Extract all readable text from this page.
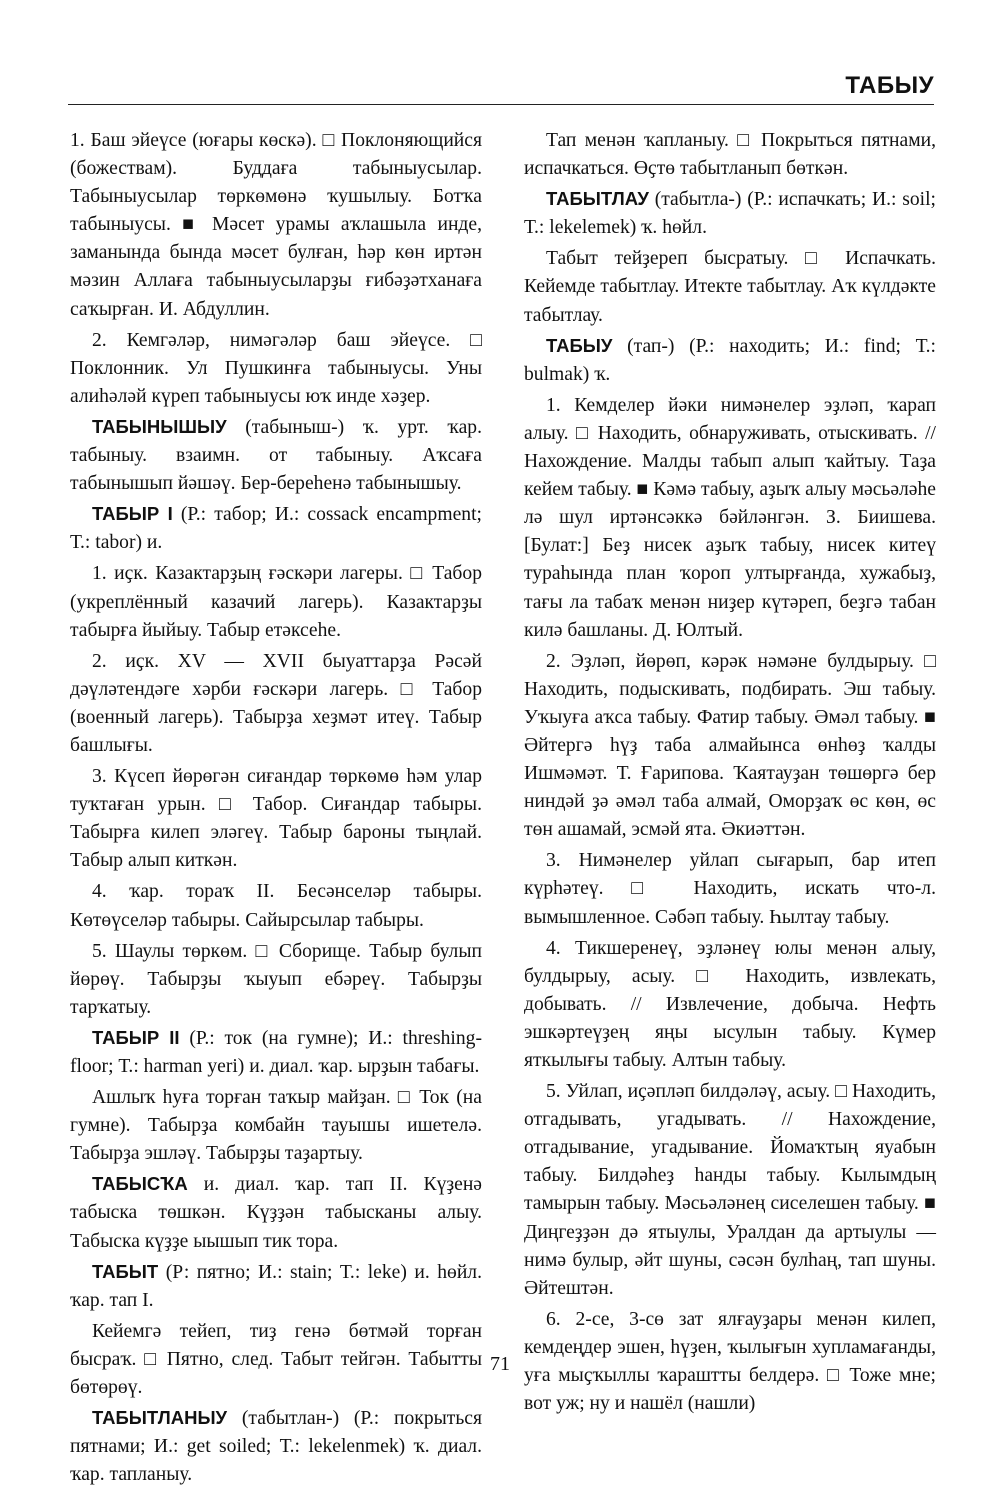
ТАБЫУ

1. Баш эйеүсе (юғары көскә). □ Поклоняющийся (божествам). Буддаға табыныусылар. Табыныусылар төркөмөнә ҡушылыу. Ботҡа табыныусы. ■ Мәсет урамы аҡлашыла инде, заманында бында мәсет булған, һәр көн иртән мәзин Аллаға табыныусыларҙы ғибәҙәтханаға саҡырған. И. Абдуллин.

2. Кемгәләр, нимәгәләр баш эйеүсе. □ Поклонник. Ул Пушкинға табыныусы. Уны алиһәләй күреп табыныусы юҡ инде хәҙер.

ТАБЫНЫШЫУ (табыныш-) ҡ. урт. ҡар. табыныу. взаимн. от табыныу. Аҡсаға табынышып йәшәү. Бер-береһенә табынышыу.

ТАБЫР I (Р.: табор; И.: cossack encampment; Т.: tabor) и.

1. иҫк. Казактарҙың ғәскәри лагеры. □ Табор (укреплённый казачий лагерь). Казактарҙы табырға йыйыу. Табыр етәксеһе.

2. иҫк. XV — XVII быуаттарҙа Рәсәй дәүләтендәге хәрби ғәскәри лагерь. □ Табор (военный лагерь). Табырҙа хеҙмәт итеү. Табыр башлығы.

3. Күсеп йөрөгән сиғандар төркөмө һәм улар туҡтаған урын. □ Табор. Сиғандар табыры. Табырға килеп эләгеү. Табыр бароны тыңлай. Табыр алып киткән.

4. ҡар. тораҡ II. Бесәнселәр табыры. Көтөүселәр табыры. Сайырсылар табыры.

5. Шаулы төркөм. □ Сборище. Табыр булып йөрөү. Табырҙы ҡыуып ебәреү. Табырҙы тарҡатыу.

ТАБЫР II (Р.: ток (на гумне); И.: threshing-floor; Т.: harman yeri) и. диал. ҡар. ырҙын табағы.

Ашлыҡ һуға торған таҡыр майҙан. □ Ток (на гумне). Табырҙа комбайн тауышы ишетелә. Табырҙа эшләү. Табырҙы таҙартыу.

ТАБЫСҠА и. диал. ҡар. тап II. Күҙенә табыска төшкән. Күҙҙән табысканы алыу. Табыска күҙҙе ыышып тик тора.

ТАБЫТ (Р: пятно; И.: stain; Т.: leke) и. һөйл. ҡар. тап I.

Кейемгә тейеп, тиҙ генә бөтмәй торған бысраҡ. □ Пятно, след. Табыт тейгән. Табытты бөтөрөү.

ТАБЫТЛАНЫУ (табытлан-) (Р.: покрыться пятнами; И.: get soiled; Т.: lekelenmek) ҡ. диал. ҡар. тапланыу.

Тап менән ҡапланыу. □ Покрыться пятнами, испачкаться. Өҫтө табытланып бөткән.

ТАБЫТЛАУ (табытла-) (Р.: испачкать; И.: soil; Т.: lekelemek) ҡ. һөйл.

Табыт тейҙереп бысратыу. □ Испачкать. Кейемде табытлау. Итекте табытлау. Аҡ күлдәкте табытлау.

ТАБЫУ (тап-) (Р.: находить; И.: find; Т.: bulmak) ҡ.

1. Кемделер йәки нимәнелер эҙләп, ҡарап алыу. □ Находить, обнаруживать, отыскивать. // Нахождение. Малды табып алып ҡайтыу. Таҙа кейем табыу. ■ Кәмә табыу, аҙыҡ алыу мәсьәләһе лә шул иртәнсәккә бәйләнгән. З. Биишева. [Булат:] Беҙ нисек аҙыҡ табыу, нисек китеү тураһында план ҡороп ултырғанда, хужабыҙ, тағы ла табаҡ менән ниҙер күтәреп, беҙгә табан килә башланы. Д. Юлтый.

2. Эҙләп, йөрөп, кәрәк нәмәне булдырыу. □ Находить, подыскивать, подбирать. Эш табыу. Уҡыуға аҡса табыу. Фатир табыу. Әмәл табыу. ■ Әйтергә һүҙ таба алмайынса өнһөҙ ҡалды Ишмәмәт. Т. Ғарипова. Ҡаятауҙан төшөргә бер ниндәй ҙә әмәл таба алмай, Оморҙаҡ өс көн, өс төн ашамай, эсмәй ята. Әкиәттән.

3. Нимәнелер уйлап сығарып, бар итеп күрһәтеү. □ Находить, искать что-л. вымышленное. Сәбәп табыу. Һылтау табыу.

4. Тикшеренеү, эҙләнеү юлы менән алыу, булдырыу, асыу. □ Находить, извлекать, добывать. // Извлечение, добыча. Нефть эшкәртеүҙең яңы ысулын табыу. Күмер яткылығы табыу. Алтын табыу.

5. Уйлап, иҫәпләп билдәләү, асыу. □ Находить, отгадывать, угадывать. // Нахождение, отгадывание, угадывание. Йомаҡтың яуабын табыу. Билдәһеҙ һанды табыу. Кылымдың тамырын табыу. Мәсьәләнең сиселешен табыу. ■ Диңгеҙҙән дә ятыулы, Уралдан да артыулы — нимә булыр, әйт шуны, сәсән булһаң, тап шуны. Әйтештән.

6. 2-се, 3-сө зат ялғауҙары менән килеп, кемдеңдер эшен, һүҙен, ҡылығын хупламағанды, уға мыҫҡыллы ҡараштты белдерә. □ Тоже мне; вот уж; ну и нашёл (нашли)

71
